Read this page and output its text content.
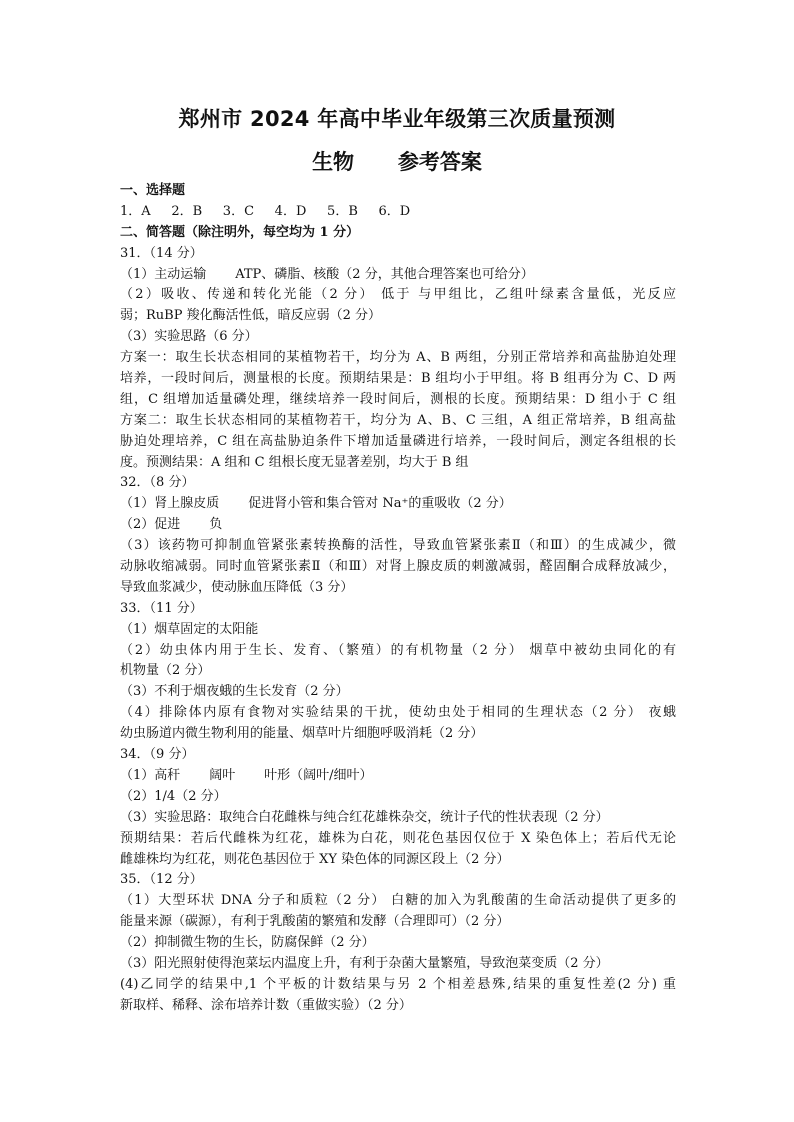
郑州市 2024 年高中毕业年级第三次质量预测
生物      参考答案
一、选择题
1．A     2．B     3．C     4．D     5．B     6．D
二、简答题（除注明外，每空均为 1 分）
31．（14 分）
（1）主动运输       ATP、磷脂、核酸（2 分，其他合理答案也可给分）
（2）吸收、传递和转化光能（2 分） 低于 与甲组比，乙组叶绿素含量低，光反应
弱；RuBP 羧化酶活性低，暗反应弱（2 分）
（3）实验思路（6 分）
方案一：取生长状态相同的某植物若干，均分为 A、B 两组，分别正常培养和高盐胁迫处理
培养，一段时间后，测量根的长度。预期结果是：B 组均小于甲组。将 B 组再分为 C、D 两
组，C 组增加适量磷处理，继续培养一段时间后，测根的长度。预期结果：D 组小于 C 组
方案二：取生长状态相同的某植物若干，均分为 A、B、C 三组，A 组正常培养，B 组高盐
胁迫处理培养，C 组在高盐胁迫条件下增加适量磷进行培养，一段时间后，测定各组根的长
度。预测结果：A 组和 C 组根长度无显著差别，均大于 B 组
32．（8 分）
（1）肾上腺皮质       促进肾小管和集合管对 Na⁺的重吸收（2 分）
（2）促进       负
（3）该药物可抑制血管紧张素转换酶的活性，导致血管紧张素Ⅱ（和Ⅲ）的生成减少，微
动脉收缩减弱。同时血管紧张素Ⅱ（和Ⅲ）对肾上腺皮质的刺激减弱，醛固酮合成释放减少，
导致血浆减少，使动脉血压降低（3 分）
33．（11 分）
（1）烟草固定的太阳能
（2）幼虫体内用于生长、发育、（繁殖）的有机物量（2 分） 烟草中被幼虫同化的有
机物量（2 分）
（3）不利于烟夜蛾的生长发育（2 分）
（4）排除体内原有食物对实验结果的干扰，使幼虫处于相同的生理状态（2 分） 夜蛾
幼虫肠道内微生物利用的能量、烟草叶片细胞呼吸消耗（2 分）
34．（9 分）
（1）高秆       阔叶       叶形（阔叶/细叶）
（2）1/4（2 分）
（3）实验思路：取纯合白花雌株与纯合红花雄株杂交，统计子代的性状表现（2 分）
预期结果：若后代雌株为红花，雄株为白花，则花色基因仅位于 X 染色体上；若后代无论
雌雄株均为红花，则花色基因位于 XY 染色体的同源区段上（2 分）
35．（12 分）
（1）大型环状 DNA 分子和质粒（2 分） 白糖的加入为乳酸菌的生命活动提供了更多的
能量来源（碳源），有利于乳酸菌的繁殖和发酵（合理即可）（2 分）
（2）抑制微生物的生长，防腐保鲜（2 分）
（3）阳光照射使得泡菜坛内温度上升，有利于杂菌大量繁殖，导致泡菜变质（2 分）
(4)乙同学的结果中,1 个平板的计数结果与另 2 个相差悬殊,结果的重复性差(2 分) 重
新取样、稀释、涂布培养计数（重做实验）（2 分）
